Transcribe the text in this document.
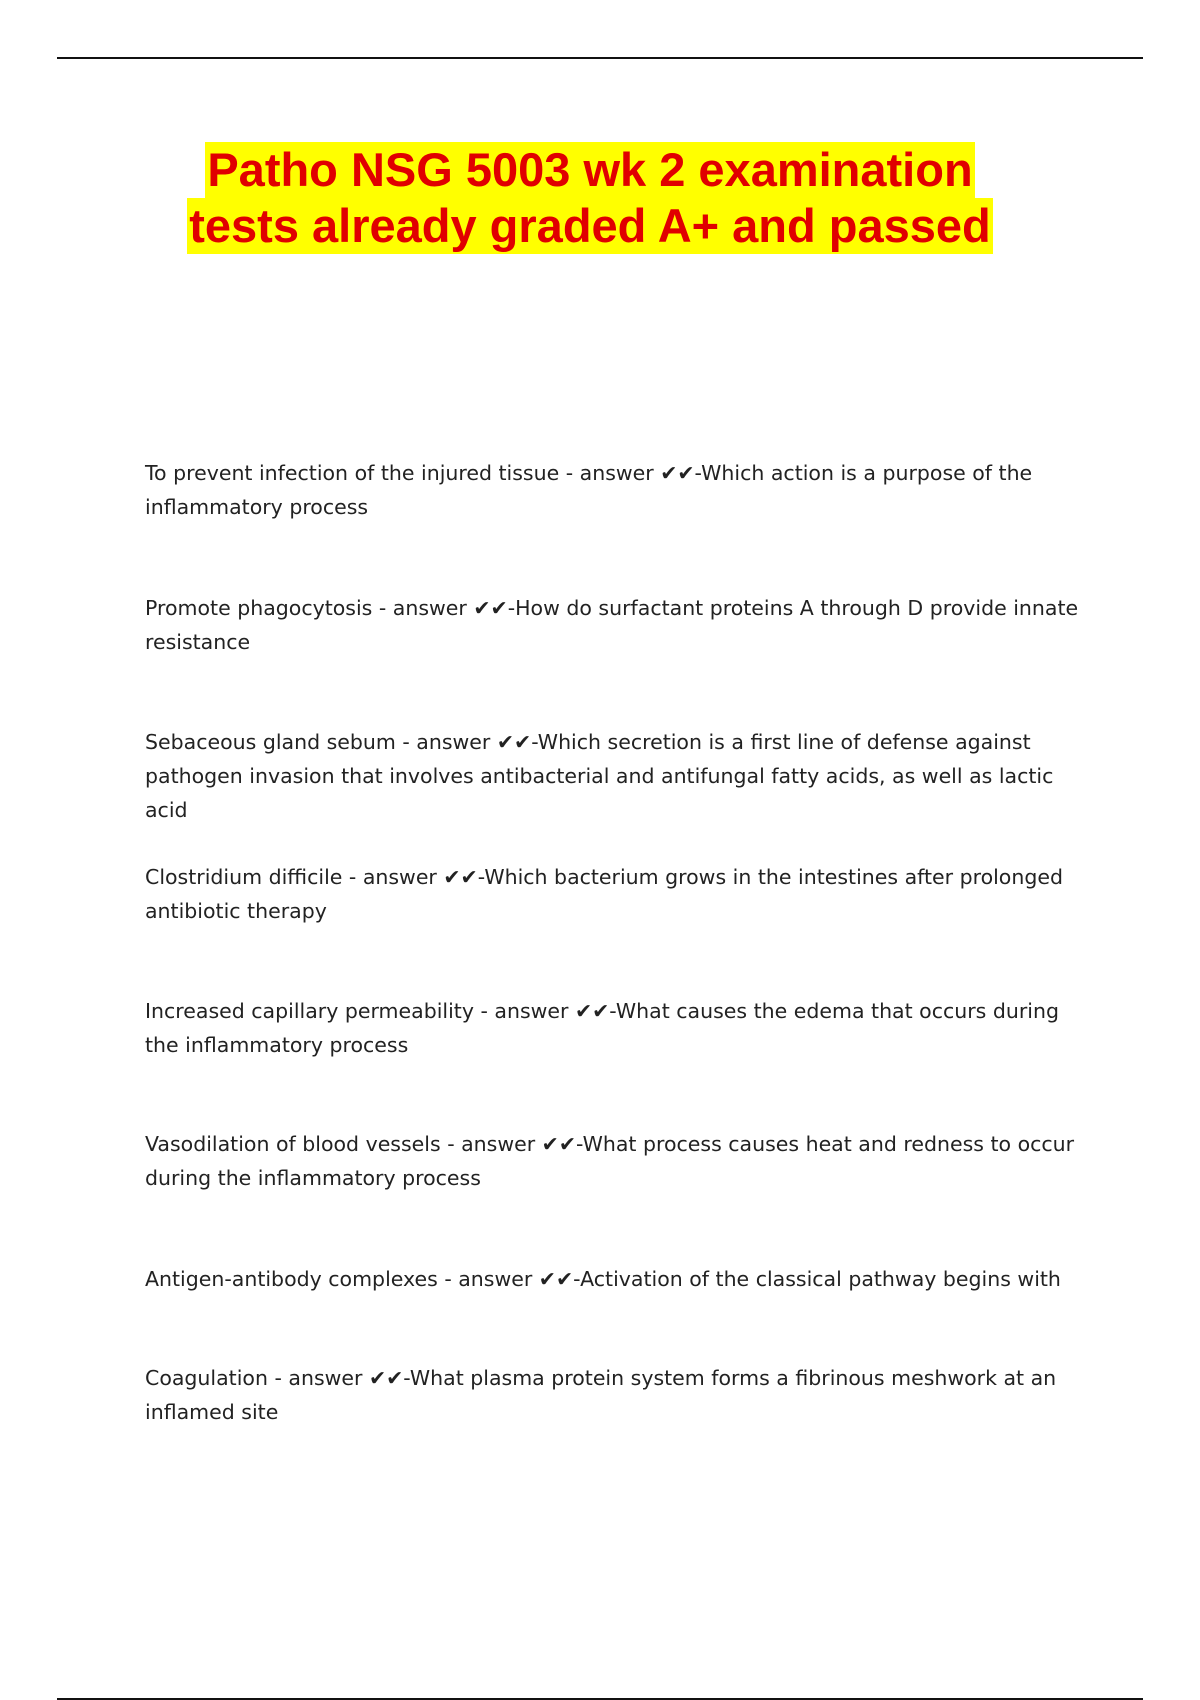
Patho NSG 5003 wk 2 examination
tests already graded A+ and passed

To prevent infection of the injured tissue - answer ✔✔-Which action is a purpose of the inflammatory process

Promote phagocytosis - answer ✔✔-How do surfactant proteins A through D provide innate resistance

Sebaceous gland sebum - answer ✔✔-Which secretion is a first line of defense against pathogen invasion that involves antibacterial and antifungal fatty acids, as well as lactic acid

Clostridium difficile - answer ✔✔-Which bacterium grows in the intestines after prolonged antibiotic therapy

Increased capillary permeability - answer ✔✔-What causes the edema that occurs during the inflammatory process

Vasodilation of blood vessels - answer ✔✔-What process causes heat and redness to occur during the inflammatory process

Antigen-antibody complexes - answer ✔✔-Activation of the classical pathway begins with

Coagulation - answer ✔✔-What plasma protein system forms a fibrinous meshwork at an inflamed site
